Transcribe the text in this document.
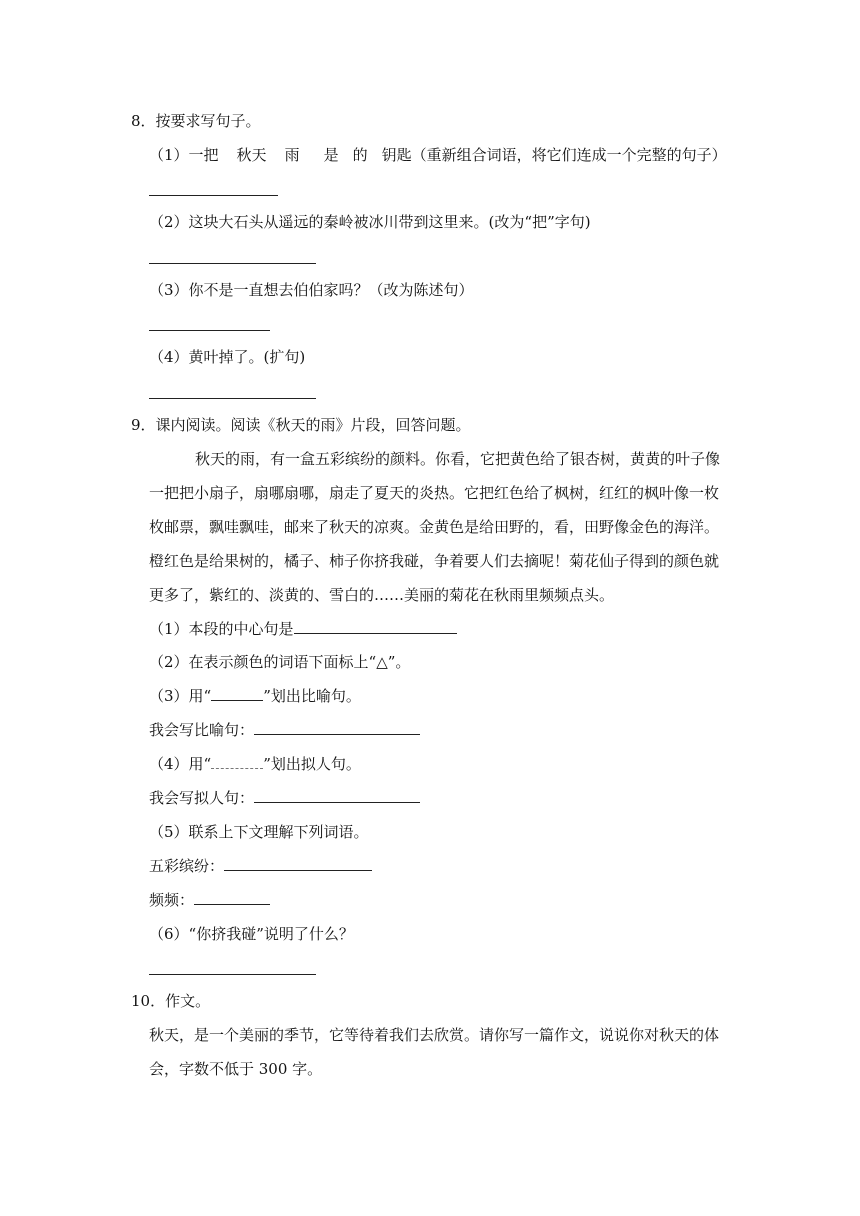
8．按要求写句子。
（1）一把 秋天 雨 是 的 钥匙（重新组合词语，将它们连成一个完整的句子）
（2）这块大石头从遥远的秦岭被冰川带到这里来。(改为“把”字句)
（3）你不是一直想去伯伯家吗？（改为陈述句）
（4）黄叶掉了。(扩句)
9．课内阅读。阅读《秋天的雨》片段，回答问题。
秋天的雨，有一盒五彩缤纷的颜料。你看，它把黄色给了银杏树，黄黄的叶子像
一把把小扇子，扇哪扇哪，扇走了夏天的炎热。它把红色给了枫树，红红的枫叶像一枚
枚邮票，飘哇飘哇，邮来了秋天的凉爽。金黄色是给田野的，看，田野像金色的海洋。
橙红色是给果树的，橘子、柿子你挤我碰，争着要人们去摘呢！菊花仙子得到的颜色就
更多了，紫红的、淡黄的、雪白的……美丽的菊花在秋雨里频频点头。
（1）本段的中心句是
（2）在表示颜色的词语下面标上“△”。
（3）用“	”划出比喻句。
我会写比喻句：
（4）用“	”划出拟人句。
我会写拟人句：
（5）联系上下文理解下列词语。
五彩缤纷：
频频：
（6）“你挤我碰”说明了什么？
10．作文。
秋天，是一个美丽的季节，它等待着我们去欣赏。请你写一篇作文，说说你对秋天的体
会，字数不低于 300 字。
